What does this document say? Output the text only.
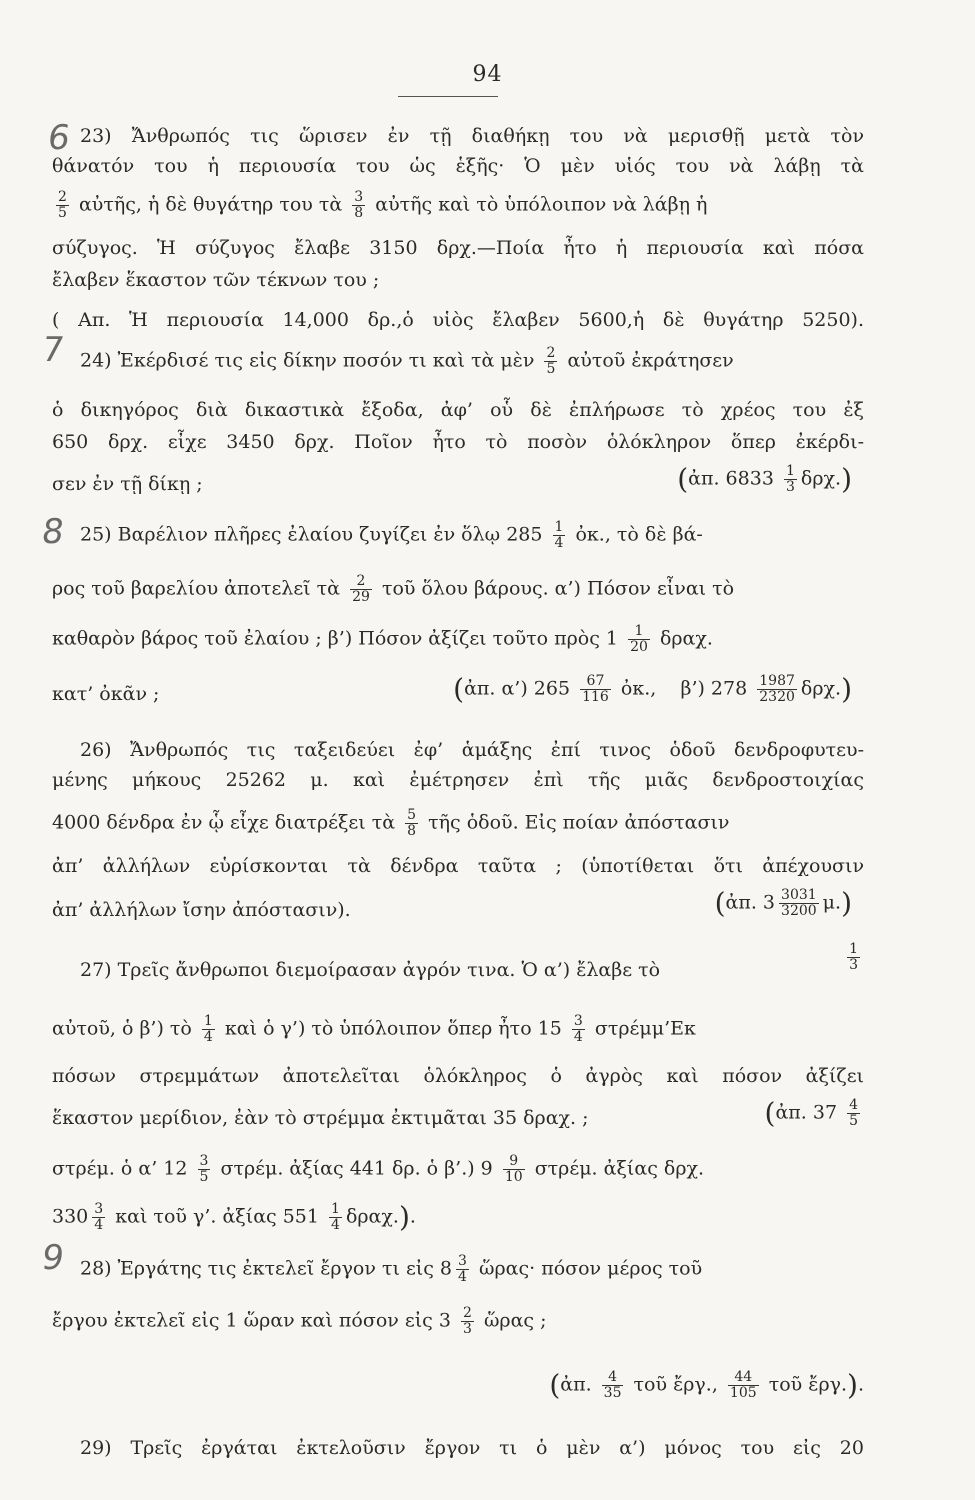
94
6
7
8
9
23) Ἄνθρωπός τις ὥρισεν ἐν τῇ διαθήκῃ του νὰ μερισθῇ μετὰ τὸν
θάνατόν του ἡ περιουσία του ὡς ἑξῆς· Ὁ μὲν υἱός του νὰ λάβῃ τὰ
$\frac{2}{5}$ αὐτῆς, ἡ δὲ θυγάτηρ του τὰ $\frac{3}{8}$ αὐτῆς καὶ τὸ ὑπόλοιπον νὰ λάβῃ ἡ
σύζυγος. Ἡ σύζυγος ἔλαβε 3150 δρχ.—Ποία ἦτο ἡ περιουσία καὶ πόσα
ἔλαβεν ἕκαστον τῶν τέκνων του ;
( Απ. Ἡ περιουσία 14,000 δρ.,ὁ υἱὸς ἔλαβεν 5600,ἡ δὲ θυγάτηρ 5250).
24) Ἐκέρδισέ τις εἰς δίκην ποσόν τι καὶ τὰ μὲν $\frac{2}{5}$ αὐτοῦ ἐκράτησεν
ὁ δικηγόρος διὰ δικαστικὰ ἔξοδα, ἀφ’ οὗ δὲ ἐπλήρωσε τὸ χρέος του ἐξ
650 δρχ. εἶχε 3450 δρχ. Ποῖον ἦτο τὸ ποσὸν ὁλόκληρον ὅπερ ἐκέρδι-
σεν ἐν τῇ δίκῃ ;	(ἀπ. $6833 \frac{1}{3} \delta\rho\chi$.)
25) Βαρέλιον πλῆρες ἐλαίου ζυγίζει ἐν ὅλῳ $285 \frac{1}{4}$ ὀκ., τὸ δὲ βά-
ρος τοῦ βαρελίου ἀποτελεῖ τὰ $\frac{2}{29}$ τοῦ ὅλου βάρους. α’) Πόσον εἶναι τὸ
καθαρὸν βάρος τοῦ ἐλαίου ; β’) Πόσον ἀξίζει τοῦτο πρὸς $1 \frac{1}{20} \delta\rho\alpha\chi$.
κατ’ ὀκᾶν ;	(ἀπ. α’) $265 \frac{67}{116}$ ὀκ., β’) $278 \frac{1987}{2320} \delta\rho\chi$.)
26) Ἄνθρωπός τις ταξειδεύει ἐφ’ ἁμάξης ἐπί τινος ὁδοῦ δενδροφυτευ-
μένης μήκους 25262 μ. καὶ ἐμέτρησεν ἐπὶ τῆς μιᾶς δενδροστοιχίας
4000 δένδρα ἐν ᾧ εἶχε διατρέξει τὰ $\frac{5}{8}$ τῆς ὁδοῦ. Εἰς ποίαν ἀπόστασιν
ἀπ’ ἀλλήλων εὑρίσκονται τὰ δένδρα ταῦτα ; (ὑποτίθεται ὅτι ἀπέχουσιν
ἀπ’ ἀλλήλων ἴσην ἀπόστασιν).	(ἀπ. $3 \frac{3031}{3200} \mu$.)
27) Τρεῖς ἄνθρωποι διεμοίρασαν ἀγρόν τινα. Ὁ α’) ἔλαβε τὸ	$\frac{1}{3}$
αὐτοῦ, ὁ β’) τὸ $\frac{1}{4}$ καὶ ὁ γ’) τὸ ὑπόλοιπον ὅπερ ἦτο $15 \frac{3}{4}$ στρέμμ’Εκ
πόσων στρεμμάτων ἀποτελεῖται ὁλόκληρος ὁ ἀγρὸς καὶ πόσον ἀξίζει
ἕκαστον μερίδιον, ἐὰν τὸ στρέμμα ἐκτιμᾶται 35 δραχ. ;	(ἀπ. $37 \frac{4}{5}$
στρέμ. ὁ α’ $12 \frac{3}{5} \sigma\tau\rho έ\mu$. ἀξίας 441 δρ. ὁ β’.) $9 \frac{9}{10} \sigma\tau\rho έ\mu$. ἀξίας δρχ.
$330 \frac{3}{4}$ καὶ τοῦ γ’. ἀξίας $551 \frac{1}{4} \delta\rho\alpha\chi$.).
28) Ἐργάτης τις ἐκτελεῖ ἔργον τι εἰς $8 \frac{3}{4}$ ὥρας· πόσον μέρος τοῦ
ἔργου ἐκτελεῖ εἰς 1 ὥραν καὶ πόσον εἰς $3 \frac{2}{3}$ ὥρας ;
(ἀπ. $\frac{4}{35}$ τοῦ ἔργ., $\frac{44}{105}$ τοῦ ἔργ.).
29) Τρεῖς ἐργάται ἐκτελοῦσιν ἔργον τι ὁ μὲν α’) μόνος του εἰς 20
